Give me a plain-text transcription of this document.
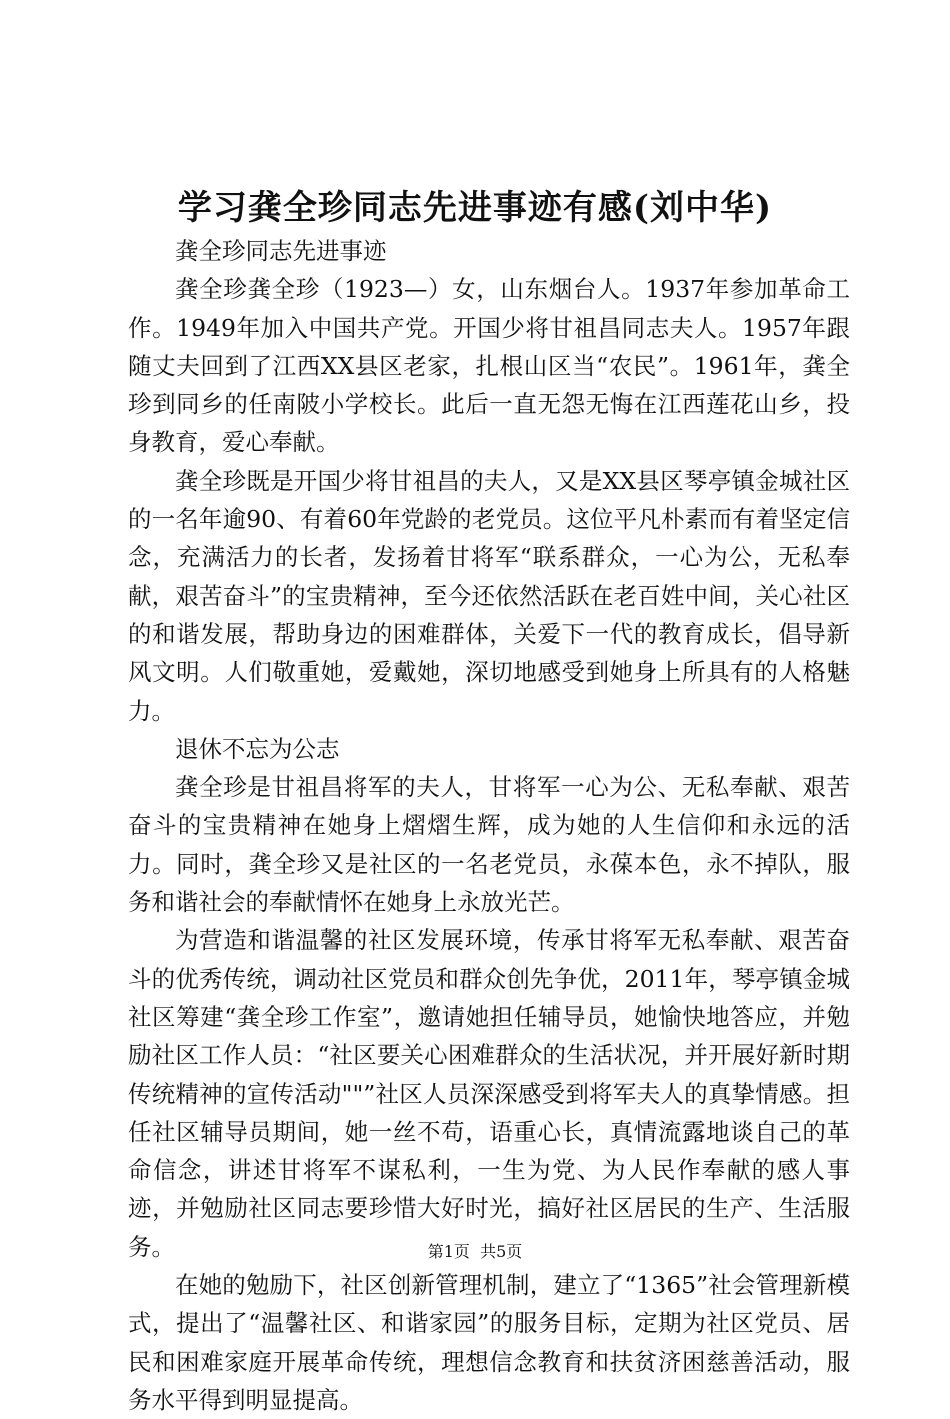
学习龚全珍同志先进事迹有感(刘中华)

龚全珍同志先进事迹

龚全珍龚全珍（1923—）女，山东烟台人。1937年参加革命工作。1949年加入中国共产党。开国少将甘祖昌同志夫人。1957年跟随丈夫回到了江西XX县区老家，扎根山区当“农民”。1961年，龚全珍到同乡的任南陂小学校长。此后一直无怨无悔在江西莲花山乡，投身教育，爱心奉献。

龚全珍既是开国少将甘祖昌的夫人，又是XX县区琴亭镇金城社区的一名年逾90、有着60年党龄的老党员。这位平凡朴素而有着坚定信念，充满活力的长者，发扬着甘将军“联系群众，一心为公，无私奉献，艰苦奋斗”的宝贵精神，至今还依然活跃在老百姓中间，关心社区的和谐发展，帮助身边的困难群体，关爱下一代的教育成长，倡导新风文明。人们敬重她，爱戴她，深切地感受到她身上所具有的人格魅力。

退休不忘为公志

龚全珍是甘祖昌将军的夫人，甘将军一心为公、无私奉献、艰苦奋斗的宝贵精神在她身上熠熠生辉，成为她的人生信仰和永远的活力。同时，龚全珍又是社区的一名老党员，永葆本色，永不掉队，服务和谐社会的奉献情怀在她身上永放光芒。

为营造和谐温馨的社区发展环境，传承甘将军无私奉献、艰苦奋斗的优秀传统，调动社区党员和群众创先争优，2011年，琴亭镇金城社区筹建“龚全珍工作室”，邀请她担任辅导员，她愉快地答应，并勉励社区工作人员：“社区要关心困难群众的生活状况，并开展好新时期传统精神的宣传活动""”社区人员深深感受到将军夫人的真挚情感。担任社区辅导员期间，她一丝不苟，语重心长，真情流露地谈自己的革命信念，讲述甘将军不谋私利，一生为党、为人民作奉献的感人事迹，并勉励社区同志要珍惜大好时光，搞好社区居民的生产、生活服务。

在她的勉励下，社区创新管理机制，建立了“1365”社会管理新模式，提出了“温馨社区、和谐家园”的服务目标，定期为社区党员、居民和困难家庭开展革命传统，理想信念教育和扶贫济困慈善活动，服务水平得到明显提高。

第1页  共5页
